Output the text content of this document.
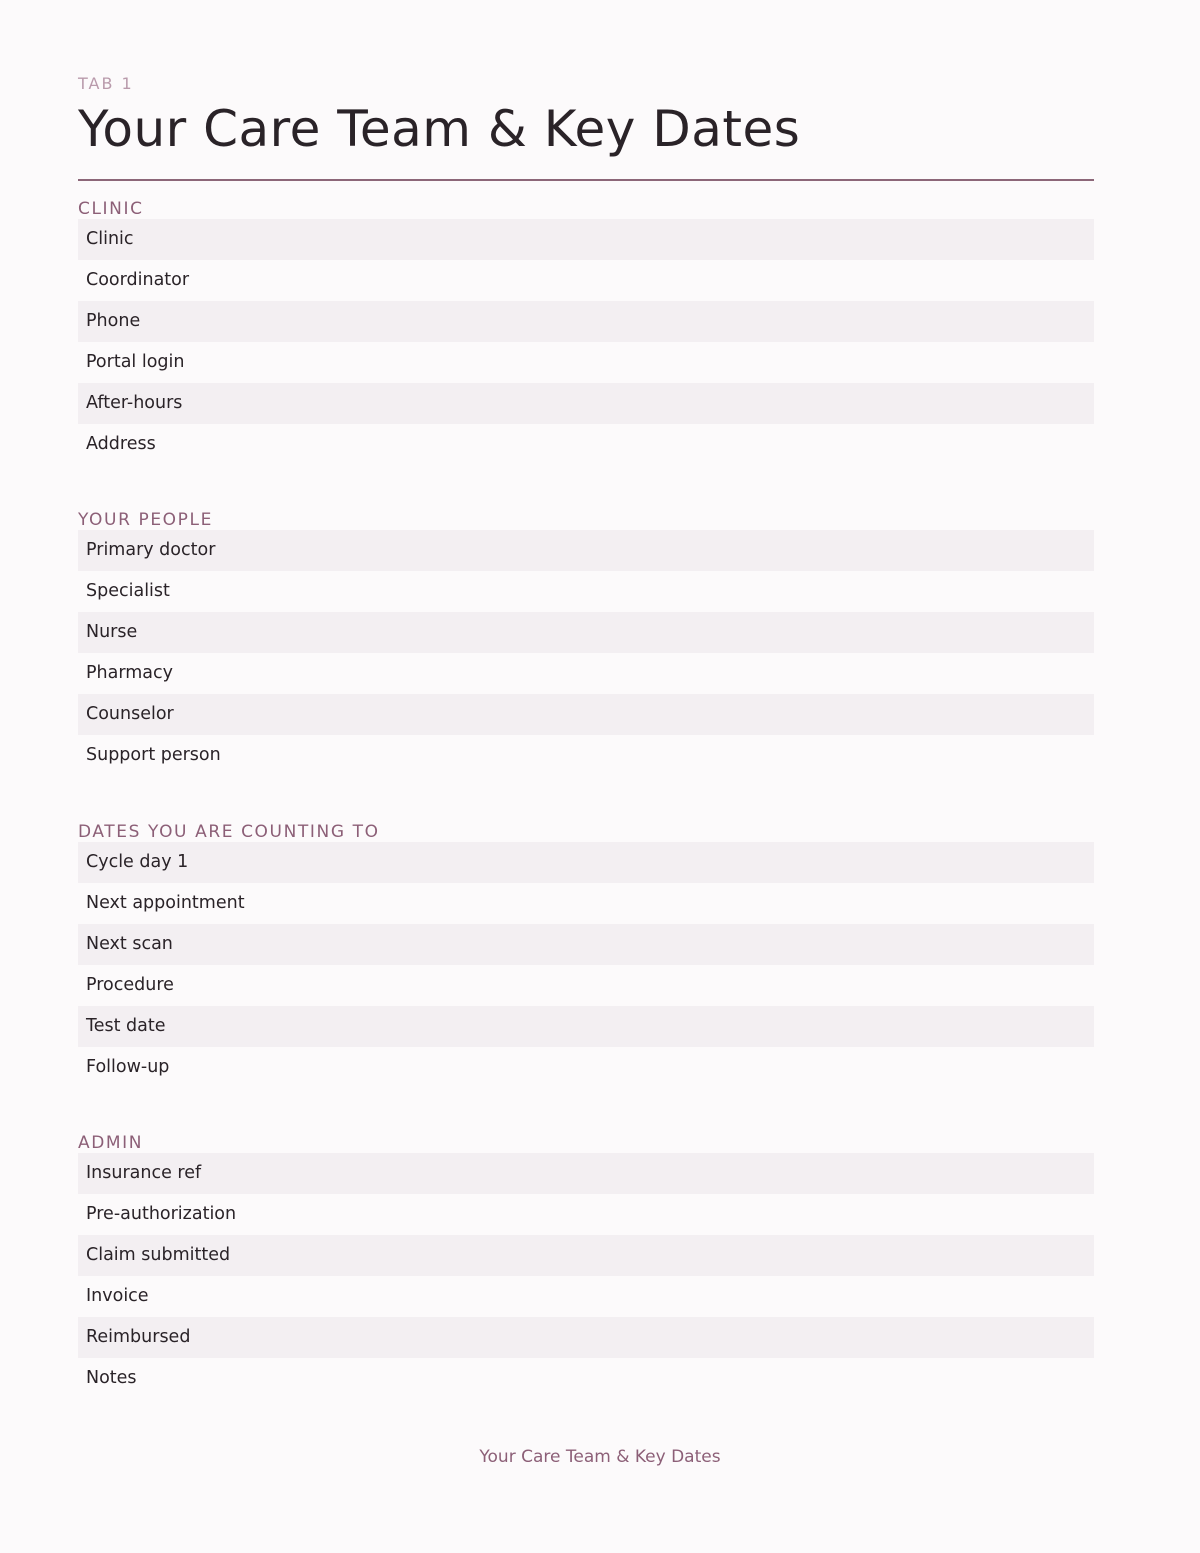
TAB 1
Your Care Team & Key Dates
CLINIC
Clinic
Coordinator
Phone
Portal login
After-hours
Address
YOUR PEOPLE
Primary doctor
Specialist
Nurse
Pharmacy
Counselor
Support person
DATES YOU ARE COUNTING TO
Cycle day 1
Next appointment
Next scan
Procedure
Test date
Follow-up
ADMIN
Insurance ref
Pre-authorization
Claim submitted
Invoice
Reimbursed
Notes
Your Care Team & Key Dates
